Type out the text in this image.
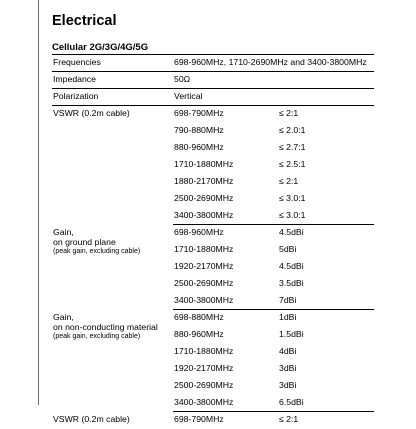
Electrical
Cellular 2G/3G/4G/5G
Frequencies	698-960MHz, 1710-2690MHz and 3400-3800MHz	
Impedance	50Ω	
Polarization	Vertical	
VSWR (0.2m cable)	698-790MHz	≤ 2:1
	790-880MHz	≤ 2.0:1
	880-960MHz	≤ 2.7:1
	1710-1880MHz	≤ 2.5:1
	1880-2170MHz	≤ 2:1
	2500-2690MHz	≤ 3.0:1
	3400-3800MHz	≤ 3.0:1

Gain,
on ground plane
(peak gain, excluding cable)	698-960MHz	4.5dBi
	1710-1880MHz	5dBi
	1920-2170MHz	4.5dBi
	2500-2690MHz	3.5dBi
	3400-3800MHz	7dBi

Gain,
on non-conducting material
(peak gain, excluding cable)	698-880MHz	1dBi
	880-960MHz	1.5dBi
	1710-1880MHz	4dBi
	1920-2170MHz	3dBi
	2500-2690MHz	3dBi
	3400-3800MHz	6.5dBi
VSWR (0.2m cable)	698-790MHz	≤ 2:1
